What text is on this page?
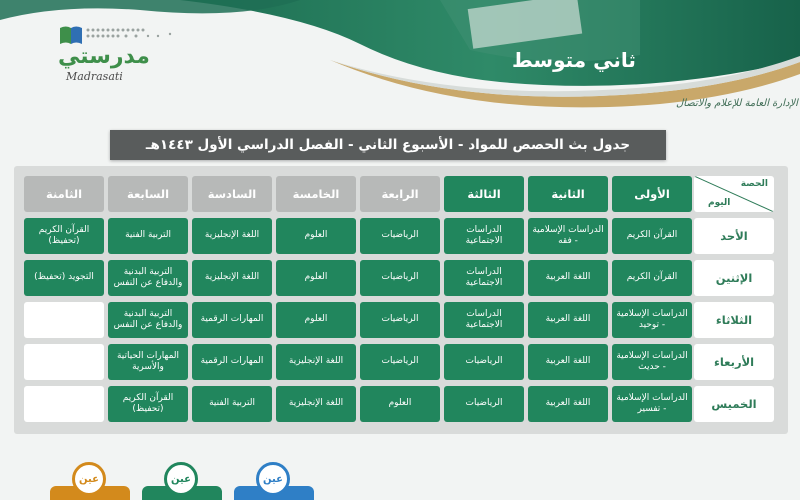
مدرستي
Madrasati
ثاني متوسط
الإدارة العامة للإعلام والاتصال
جدول بث الحصص للمواد - الأسبوع الثاني - الفصل الدراسي الأول ١٤٤٣هـ
الحصة
اليوم
الأولى
الثانية
الثالثة
الرابعة
الخامسة
السادسة
السابعة
الثامنة
الأحد
القرآن الكريم
الدراسات الإسلامية - فقه
الدراسات الاجتماعية
الرياضيات
العلوم
اللغة الإنجليزية
التربية الفنية
القرآن الكريم (تحفيظ)
الإثنين
القرآن الكريم
اللغة العربية
الدراسات الاجتماعية
الرياضيات
العلوم
اللغة الإنجليزية
التربية البدنية والدفاع عن النفس
التجويد (تحفيظ)
الثلاثاء
الدراسات الإسلامية - توحيد
اللغة العربية
الدراسات الاجتماعية
الرياضيات
العلوم
المهارات الرقمية
التربية البدنية والدفاع عن النفس
الأربعاء
الدراسات الإسلامية - حديث
اللغة العربية
الرياضيات
الرياضيات
اللغة الإنجليزية
المهارات الرقمية
المهارات الحياتية والأسرية
الخميس
الدراسات الإسلامية - تفسير
اللغة العربية
الرياضيات
العلوم
اللغة الإنجليزية
التربية الفنية
القرآن الكريم (تحفيظ)
عين	عين	عين
